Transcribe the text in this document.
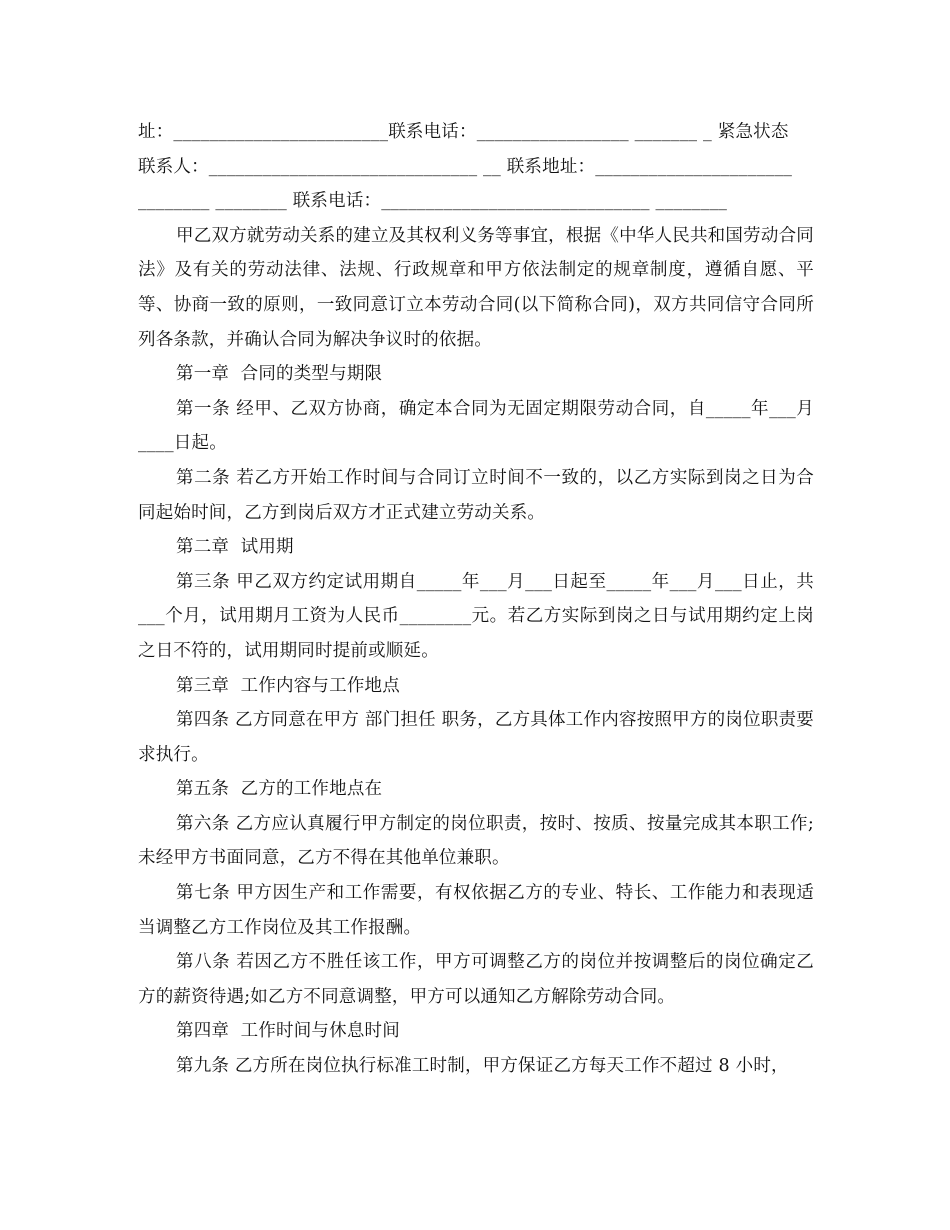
址：________________________联系电话：_________________ _______ _ 紧急状态
联系人：______________________________ __ 联系地址：______________________
________ ________ 联系电话：______________________________ ________
甲乙双方就劳动关系的建立及其权利义务等事宜，根据《中华人民共和国劳动合同法》及有关的劳动法律、法规、行政规章和甲方依法制定的规章制度，遵循自愿、平等、协商一致的原则，一致同意订立本劳动合同(以下简称合同)，双方共同信守合同所列各条款，并确认合同为解决争议时的依据。
第一章  合同的类型与期限
第一条 经甲、乙双方协商，确定本合同为无固定期限劳动合同，自_____年___月____日起。
第二条 若乙方开始工作时间与合同订立时间不一致的，以乙方实际到岗之日为合同起始时间，乙方到岗后双方才正式建立劳动关系。
第二章  试用期
第三条 甲乙双方约定试用期自_____年___月___日起至_____年___月___日止，共___个月，试用期月工资为人民币________元。若乙方实际到岗之日与试用期约定上岗之日不符的，试用期同时提前或顺延。
第三章  工作内容与工作地点
第四条 乙方同意在甲方 部门担任 职务，乙方具体工作内容按照甲方的岗位职责要求执行。
第五条  乙方的工作地点在
第六条 乙方应认真履行甲方制定的岗位职责，按时、按质、按量完成其本职工作;未经甲方书面同意，乙方不得在其他单位兼职。
第七条 甲方因生产和工作需要，有权依据乙方的专业、特长、工作能力和表现适当调整乙方工作岗位及其工作报酬。
第八条 若因乙方不胜任该工作，甲方可调整乙方的岗位并按调整后的岗位确定乙方的薪资待遇;如乙方不同意调整，甲方可以通知乙方解除劳动合同。
第四章  工作时间与休息时间
第九条 乙方所在岗位执行标准工时制，甲方保证乙方每天工作不超过 8 小时，
